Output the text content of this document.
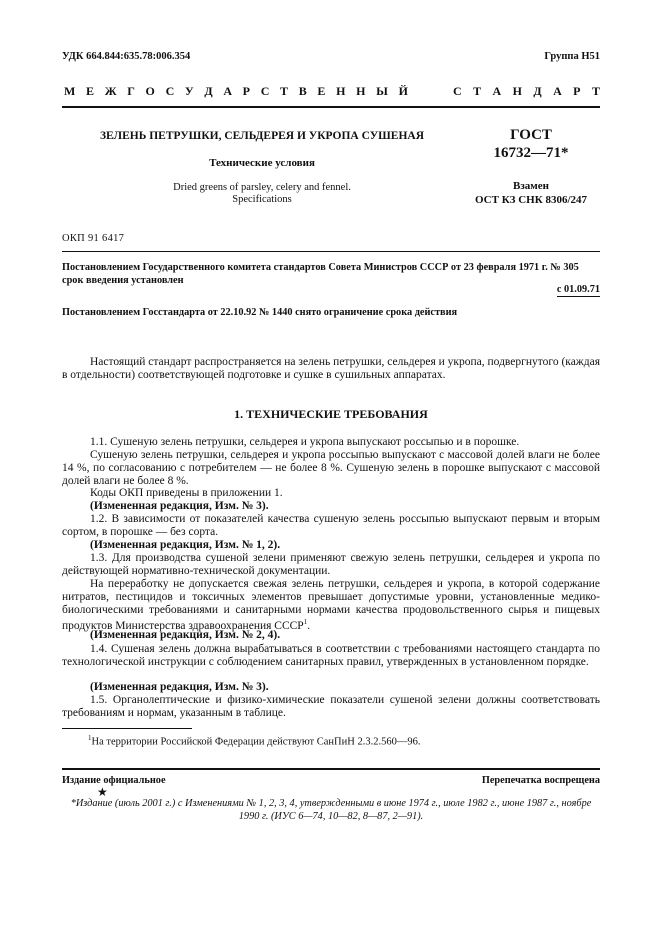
УДК 664.844:635.78:006.354	Группа Н51
М Е Ж Г О С У Д А Р С Т В Е Н Н Ы Й	С Т А Н Д А Р Т
ЗЕЛЕНЬ ПЕТРУШКИ, СЕЛЬДЕРЕЯ И УКРОПА СУШЕНАЯ
Технические условия
Dried greens of parsley, celery and fennel.
Specifications
ГОСТ
16732—71*
Взамен
ОСТ КЗ СНК 8306/247
ОКП 91 6417
Постановлением Государственного комитета стандартов Совета Министров СССР от 23 февраля 1971 г. № 305 срок введения установлен
с 01.09.71
Постановлением Госстандарта от 22.10.92 № 1440 снято ограничение срока действия
Настоящий стандарт распространяется на зелень петрушки, сельдерея и укропа, подвергнутого (каждая в отдельности) соответствующей подготовке и сушке в сушильных аппаратах.
1. ТЕХНИЧЕСКИЕ ТРЕБОВАНИЯ
1.1. Сушеную зелень петрушки, сельдерея и укропа выпускают россыпью и в порошке.
Сушеную зелень петрушки, сельдерея и укропа россыпью выпускают с массовой долей влаги не более 14 %, по согласованию с потребителем — не более 8 %. Сушеную зелень в порошке выпускают с массовой долей влаги не более 8 %.
Коды ОКП приведены в приложении 1.
(Измененная редакция, Изм. № 3).
1.2. В зависимости от показателей качества сушеную зелень россыпью выпускают первым и вторым сортом, в порошке — без сорта.
(Измененная редакция, Изм. № 1, 2).
1.3. Для производства сушеной зелени применяют свежую зелень петрушки, сельдерея и укропа по действующей нормативно-технической документации.
На переработку не допускается свежая зелень петрушки, сельдерея и укропа, в которой содержание нитратов, пестицидов и токсичных элементов превышает допустимые уровни, установленные медико-биологическими требованиями и санитарными нормами качества продовольственного сырья и пищевых продуктов Министерства здравоохранения СССР$^1$.
(Измененная редакция, Изм. № 2, 4).
1.4. Сушеная зелень должна вырабатываться в соответствии с требованиями настоящего стандарта по технологической инструкции с соблюдением санитарных правил, утвержденных в установленном порядке.
(Измененная редакция, Изм. № 3).
1.5. Органолептические и физико-химические показатели сушеной зелени должны соответствовать требованиям и нормам, указанным в таблице.
$^1$На территории Российской Федерации действуют СанПиН 2.3.2.560—96.
Издание официальное
★
Перепечатка воспрещена
*Издание (июль 2001 г.) с Изменениями № 1, 2, 3, 4, утвержденными в июне 1974 г., июле 1982 г., июне 1987 г., ноябре 1990 г. (ИУС 6—74, 10—82, 8—87, 2—91).
